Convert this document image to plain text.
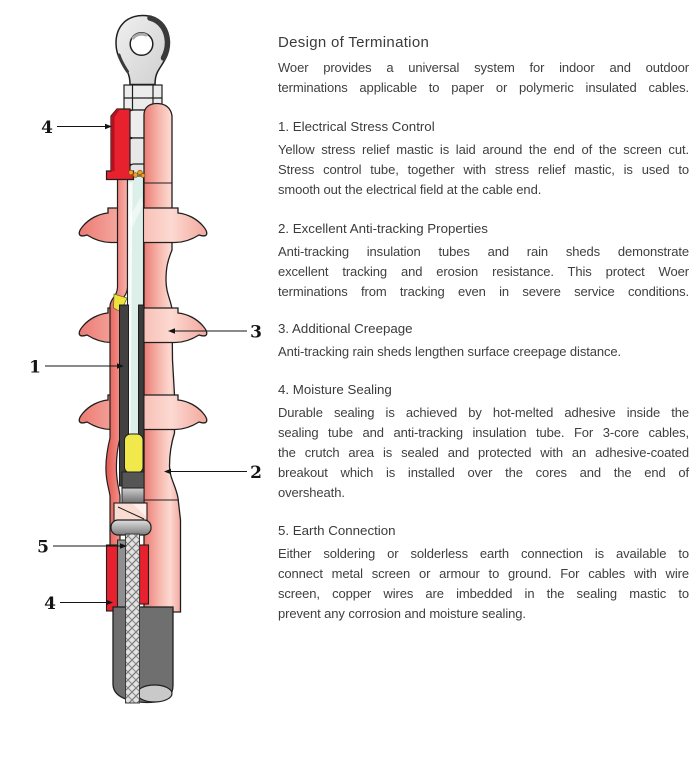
4
1
3
2
5
4
Design of Termination
Woer provides a universal system for indoor and outdoor
terminations applicable to paper or polymeric insulated cables.
1. Electrical Stress Control
Yellow stress relief mastic is laid around the end of the screen cut.
Stress control tube, together with stress relief mastic, is used to
smooth out the electrical field at the cable end.
2. Excellent Anti-tracking Properties
Anti-tracking insulation tubes and rain sheds demonstrate
excellent tracking and erosion resistance. This protect Woer
terminations from tracking even in severe service conditions.
3. Additional Creepage
Anti-tracking rain sheds lengthen surface creepage distance.
4. Moisture Sealing
Durable sealing is achieved by hot-melted adhesive inside the
sealing tube and anti-tracking insulation tube. For 3-core cables,
the crutch area is sealed and protected with an adhesive-coated
breakout which is installed over the cores and the end of
oversheath.
5. Earth Connection
Either soldering or solderless earth connection is available to
connect metal screen or armour to ground. For cables with wire
screen, copper wires are imbedded in the sealing mastic to
prevent any corrosion and moisture sealing.
